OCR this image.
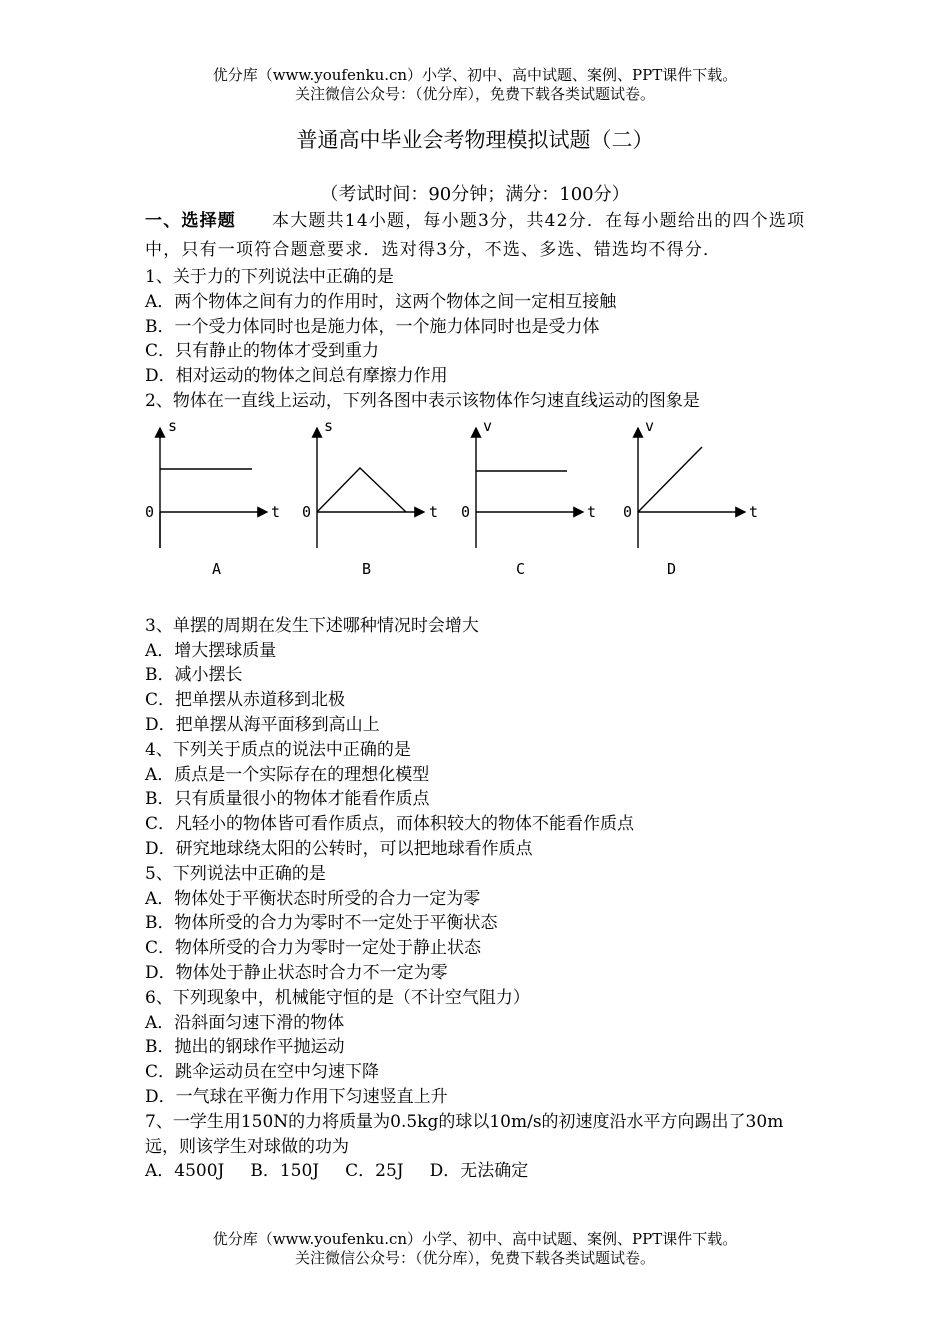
优分库（www.youfenku.cn）小学、初中、高中试题、案例、PPT课件下载。
关注微信公众号：（优分库），免费下载各类试题试卷。
普通高中毕业会考物理模拟试题（二）
（考试时间：90分钟；满分：100分）

一、选择题 本大题共14小题，每小题3分，共42分．在每小题给出的四个选项中，只有一项符合题意要求．选对得3分，不选、多选、错选均不得分．

1、关于力的下列说法中正确的是

A．两个物体之间有力的作用时，这两个物体之间一定相互接触

B．一个受力体同时也是施力体，一个施力体同时也是受力体

C．只有静止的物体才受到重力

D．相对运动的物体之间总有摩擦力作用

2、物体在一直线上运动，下列各图中表示该物体作匀速直线运动的图象是

s
0	t
A
s
0	t
B
v
0	t
C
v
0	t
D

3、单摆的周期在发生下述哪种情况时会增大

A．增大摆球质量

B．减小摆长

C．把单摆从赤道移到北极

D．把单摆从海平面移到高山上

4、下列关于质点的说法中正确的是

A．质点是一个实际存在的理想化模型

B．只有质量很小的物体才能看作质点

C．凡轻小的物体皆可看作质点，而体积较大的物体不能看作质点

D．研究地球绕太阳的公转时，可以把地球看作质点

5、下列说法中正确的是

A．物体处于平衡状态时所受的合力一定为零

B．物体所受的合力为零时不一定处于平衡状态

C．物体所受的合力为零时一定处于静止状态

D．物体处于静止状态时合力不一定为零

6、下列现象中，机械能守恒的是（不计空气阻力）

A．沿斜面匀速下滑的物体

B．抛出的钢球作平抛运动

C．跳伞运动员在空中匀速下降

D．一气球在平衡力作用下匀速竖直上升

7、一学生用150N的力将质量为0.5kg的球以10m/s的初速度沿水平方向踢出了30m远，则该学生对球做的功为

A．4500J B．150J C．25J D．无法确定

优分库（www.youfenku.cn）小学、初中、高中试题、案例、PPT课件下载。
关注微信公众号：（优分库），免费下载各类试题试卷。
